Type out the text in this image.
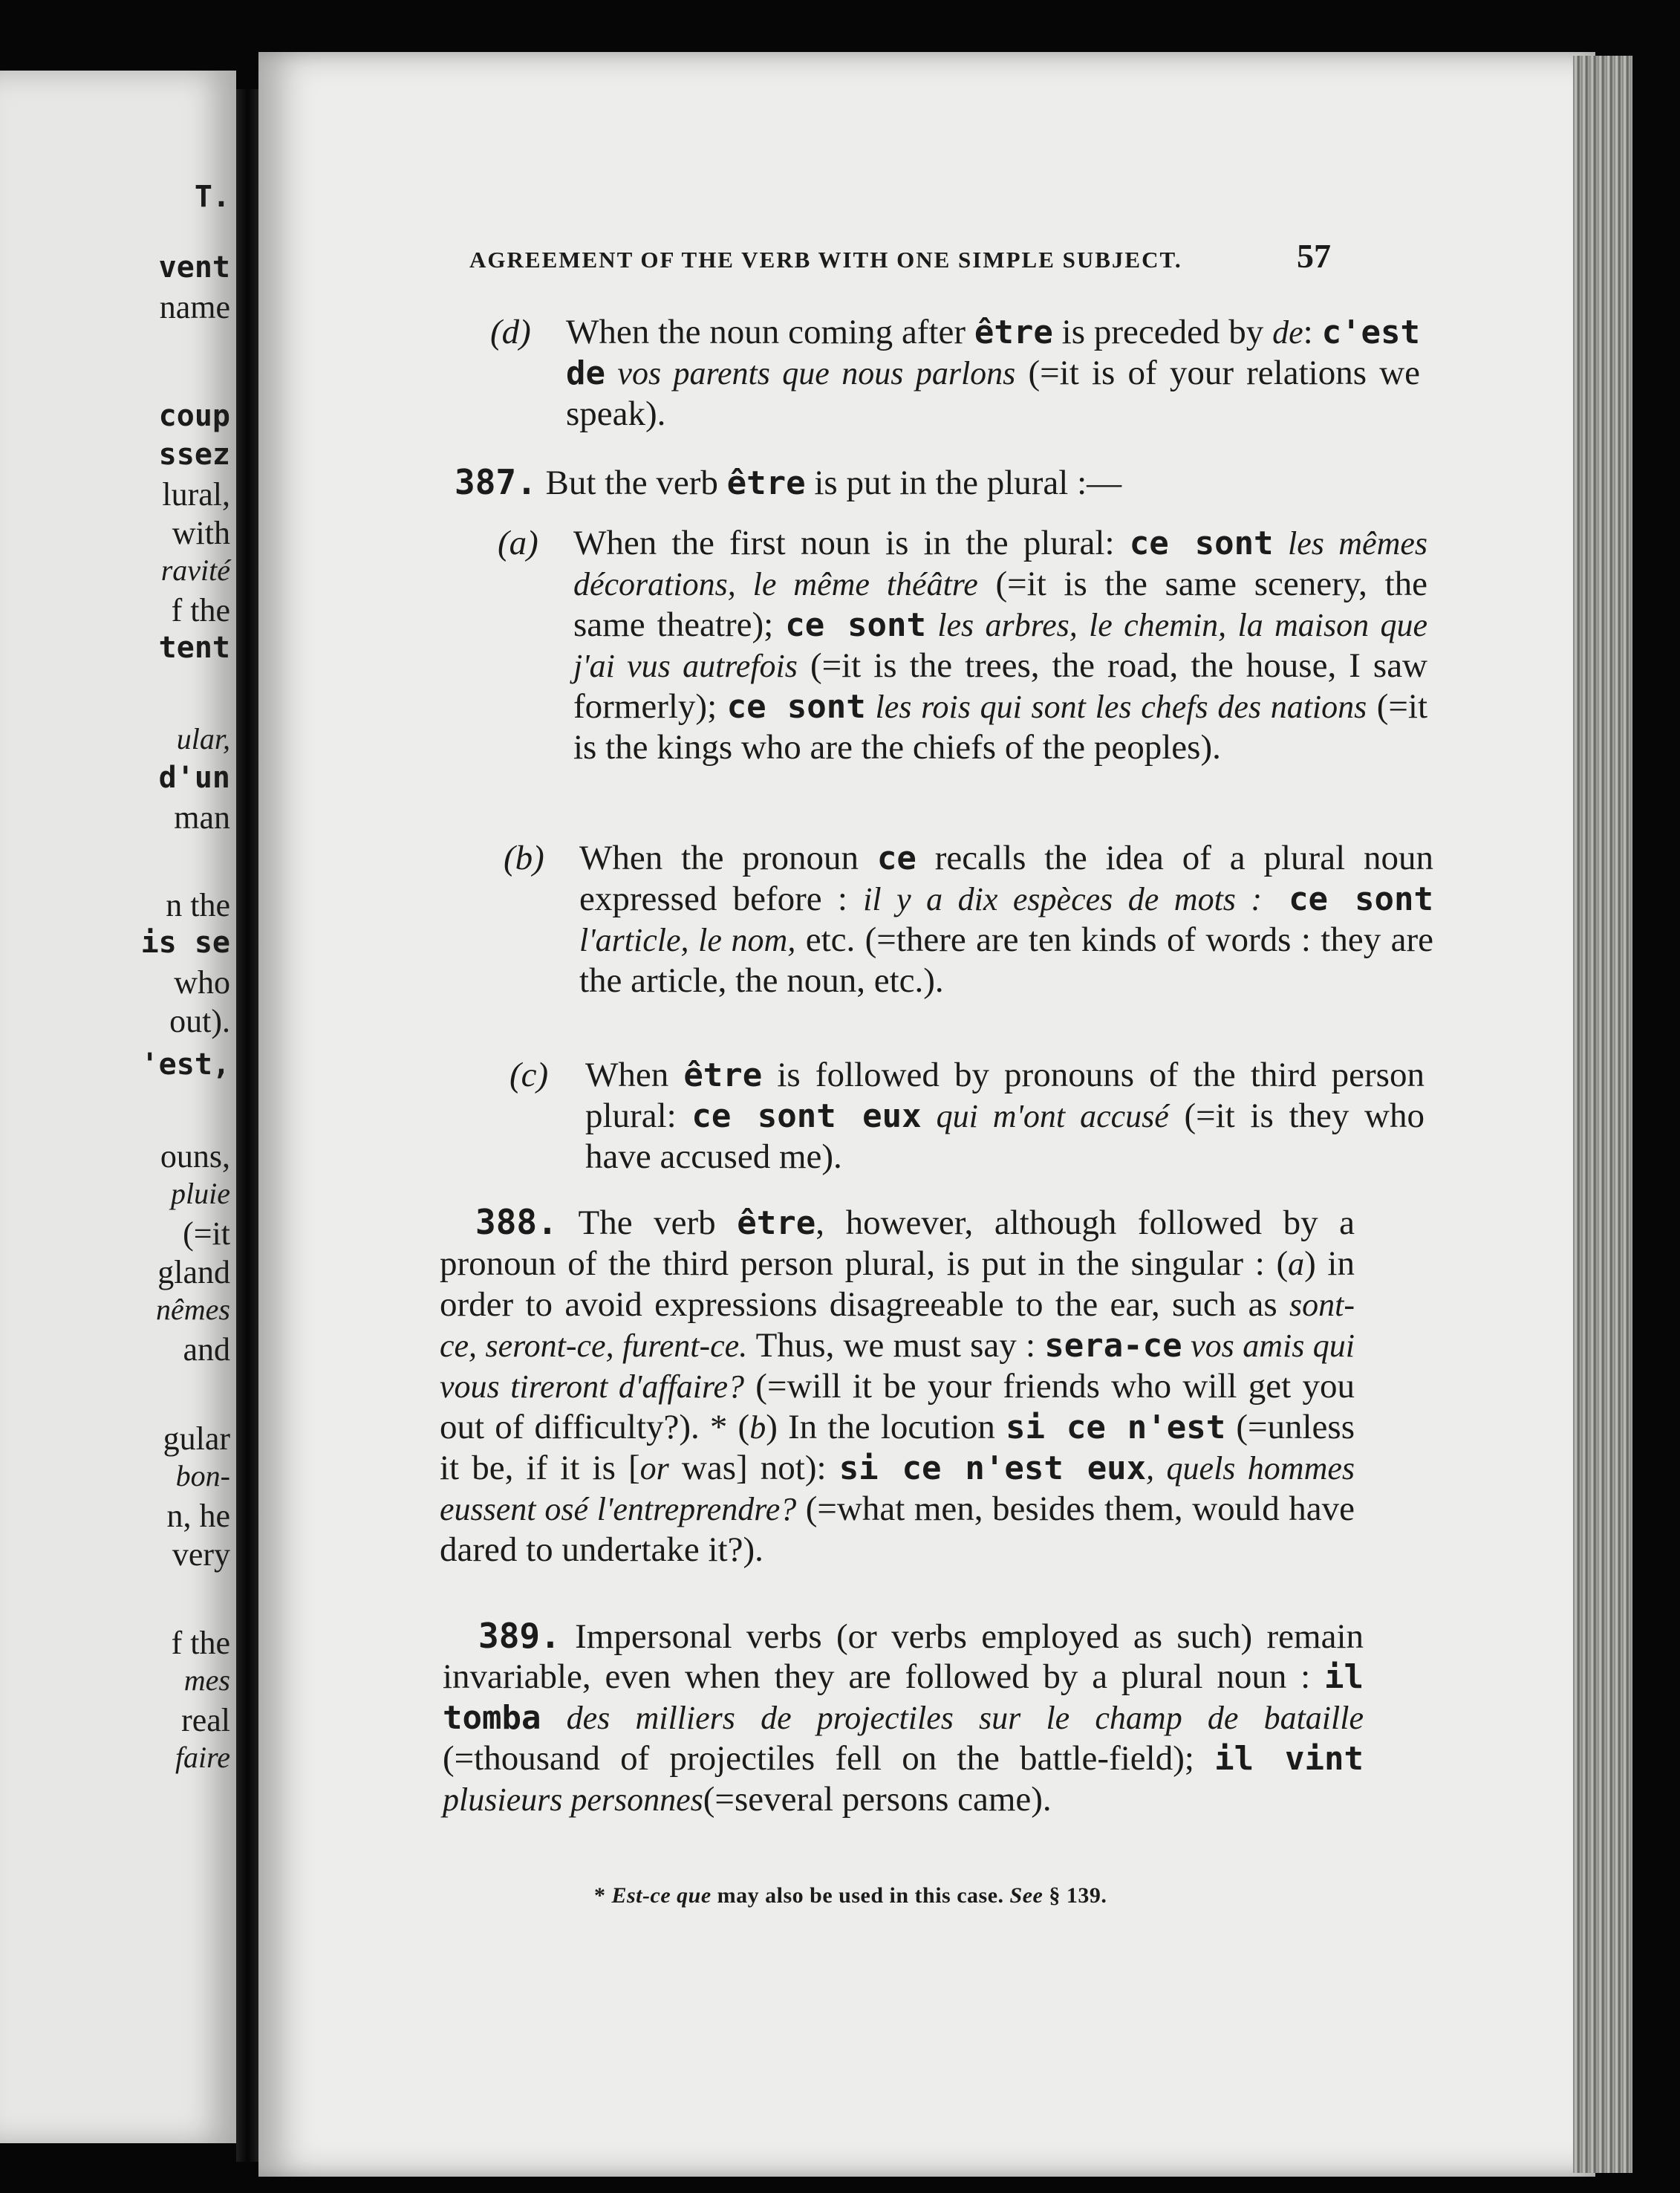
T.
vent
name
coup
ssez
lural,
with
ravité
f the
tent
ular,
d'un
man
n the
is se
who
out).
'est,
ouns,
pluie
(=it
gland
nêmes
and
gular
bon-
n, he
very
f the
mes
real
faire
AGREEMENT OF THE VERB WITH ONE SIMPLE SUBJECT.	57
(d) When the noun coming after être is preceded by de: c'est de vos parents que nous parlons (=it is of your relations we speak).

387. But the verb être is put in the plural :—

(a) When the first noun is in the plural: ce sont les mêmes décorations, le même théâtre (=it is the same scenery, the same theatre); ce sont les arbres, le chemin, la maison que j'ai vus autrefois (=it is the trees, the road, the house, I saw formerly); ce sont les rois qui sont les chefs des nations (=it is the kings who are the chiefs of the peoples).

(b) When the pronoun ce recalls the idea of a plural noun expressed before : il y a dix espèces de mots : ce sont l'article, le nom, etc. (=there are ten kinds of words : they are the article, the noun, etc.).

(c) When être is followed by pronouns of the third person plural: ce sont eux qui m'ont accusé (=it is they who have accused me).

388. The verb être, however, although followed by a pronoun of the third person plural, is put in the singular : (a) in order to avoid expressions disagreeable to the ear, such as sont-ce, seront-ce, furent-ce. Thus, we must say : sera-ce vos amis qui vous tireront d'affaire? (=will it be your friends who will get you out of difficulty?). * (b) In the locution si ce n'est (=unless it be, if it is [or was] not): si ce n'est eux, quels hommes eussent osé l'entreprendre? (=what men, besides them, would have dared to undertake it?).

389. Impersonal verbs (or verbs employed as such) remain invariable, even when they are followed by a plural noun : il tomba des milliers de projectiles sur le champ de bataille (=thousand of projectiles fell on the battle-field); il vint plusieurs personnes(=several persons came).

* Est-ce que may also be used in this case. See § 139.
